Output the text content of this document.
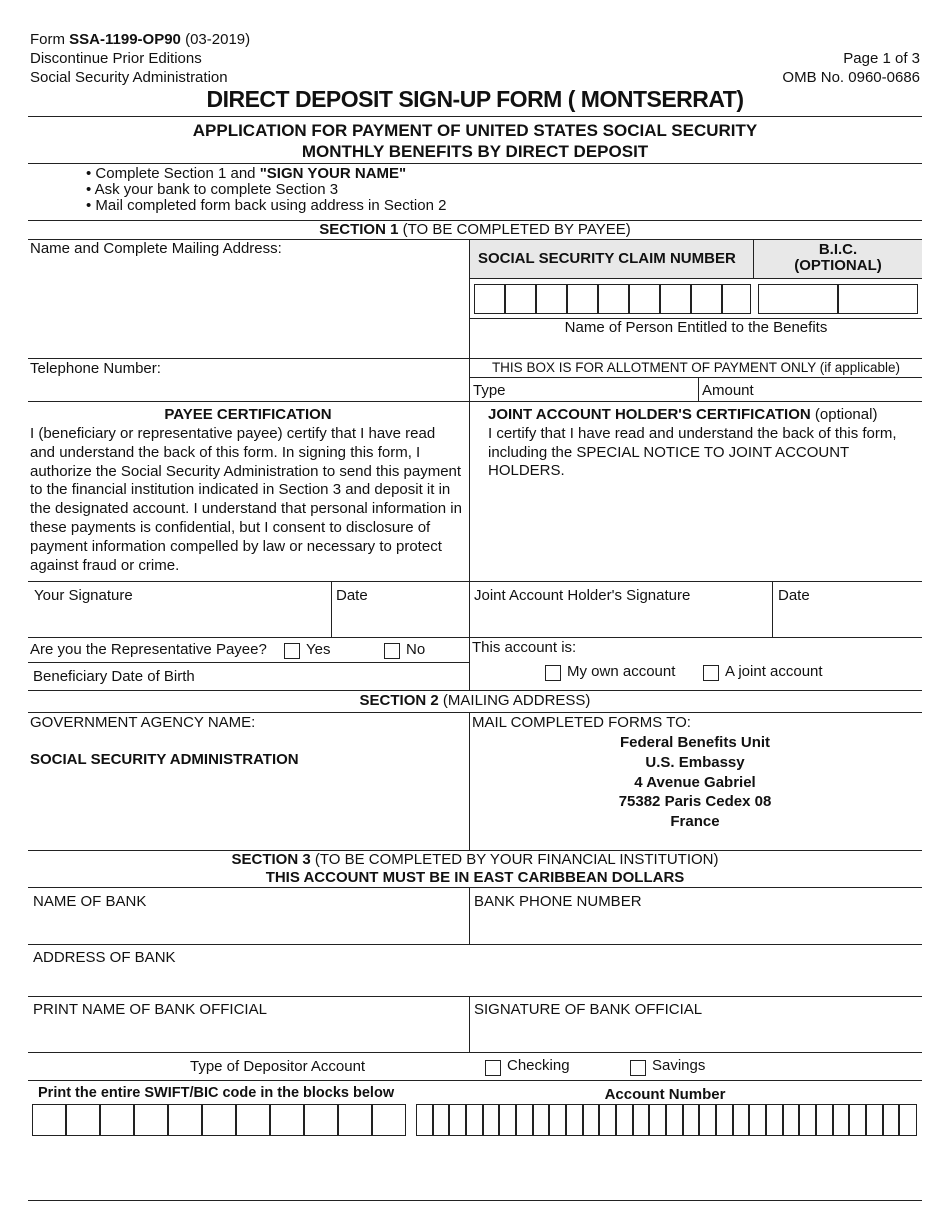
Form SSA-1199-OP90 (03-2019)
Discontinue Prior Editions
Social Security Administration
Page 1 of 3
OMB No. 0960-0686
DIRECT DEPOSIT SIGN-UP FORM ( MONTSERRAT)
APPLICATION FOR PAYMENT OF UNITED STATES SOCIAL SECURITY
MONTHLY BENEFITS BY DIRECT DEPOSIT
• Complete Section 1 and "SIGN YOUR NAME"
• Ask your bank to complete Section 3
• Mail completed form back using address in Section 2
SECTION 1 (TO BE COMPLETED BY PAYEE)
Name and Complete Mailing Address:
SOCIAL SECURITY CLAIM NUMBER
B.I.C.
(OPTIONAL)
Name of Person Entitled to the Benefits
Telephone Number:	THIS BOX IS FOR ALLOTMENT OF PAYMENT ONLY (if applicable)
Type	Amount
PAYEE CERTIFICATION
I (beneficiary or representative payee) certify that I have read and understand the back of this form. In signing this form, I authorize the Social Security Administration to send this payment to the financial institution indicated in Section 3 and deposit it in the designated account. I understand that personal information in these payments is confidential, but I consent to disclosure of payment information compelled by law or necessary to protect against fraud or crime.
JOINT ACCOUNT HOLDER'S CERTIFICATION (optional)
I certify that I have read and understand the back of this form, including the SPECIAL NOTICE TO JOINT ACCOUNT HOLDERS.
Your Signature	Date	Joint Account Holder's Signature	Date
Are you the Representative Payee?	Yes	No
Beneficiary Date of Birth
This account is:
My own account	A joint account
SECTION 2 (MAILING ADDRESS)
GOVERNMENT AGENCY NAME:
SOCIAL SECURITY ADMINISTRATION
MAIL COMPLETED FORMS TO:
Federal Benefits Unit
U.S. Embassy
4 Avenue Gabriel
75382 Paris Cedex 08
France
SECTION 3 (TO BE COMPLETED BY YOUR FINANCIAL INSTITUTION)
THIS ACCOUNT MUST BE IN EAST CARIBBEAN DOLLARS
NAME OF BANK	BANK PHONE NUMBER
ADDRESS OF BANK
PRINT NAME OF BANK OFFICIAL	SIGNATURE OF BANK OFFICIAL
Type of Depositor Account	Checking	Savings
Print the entire SWIFT/BIC code in the blocks below	Account Number
